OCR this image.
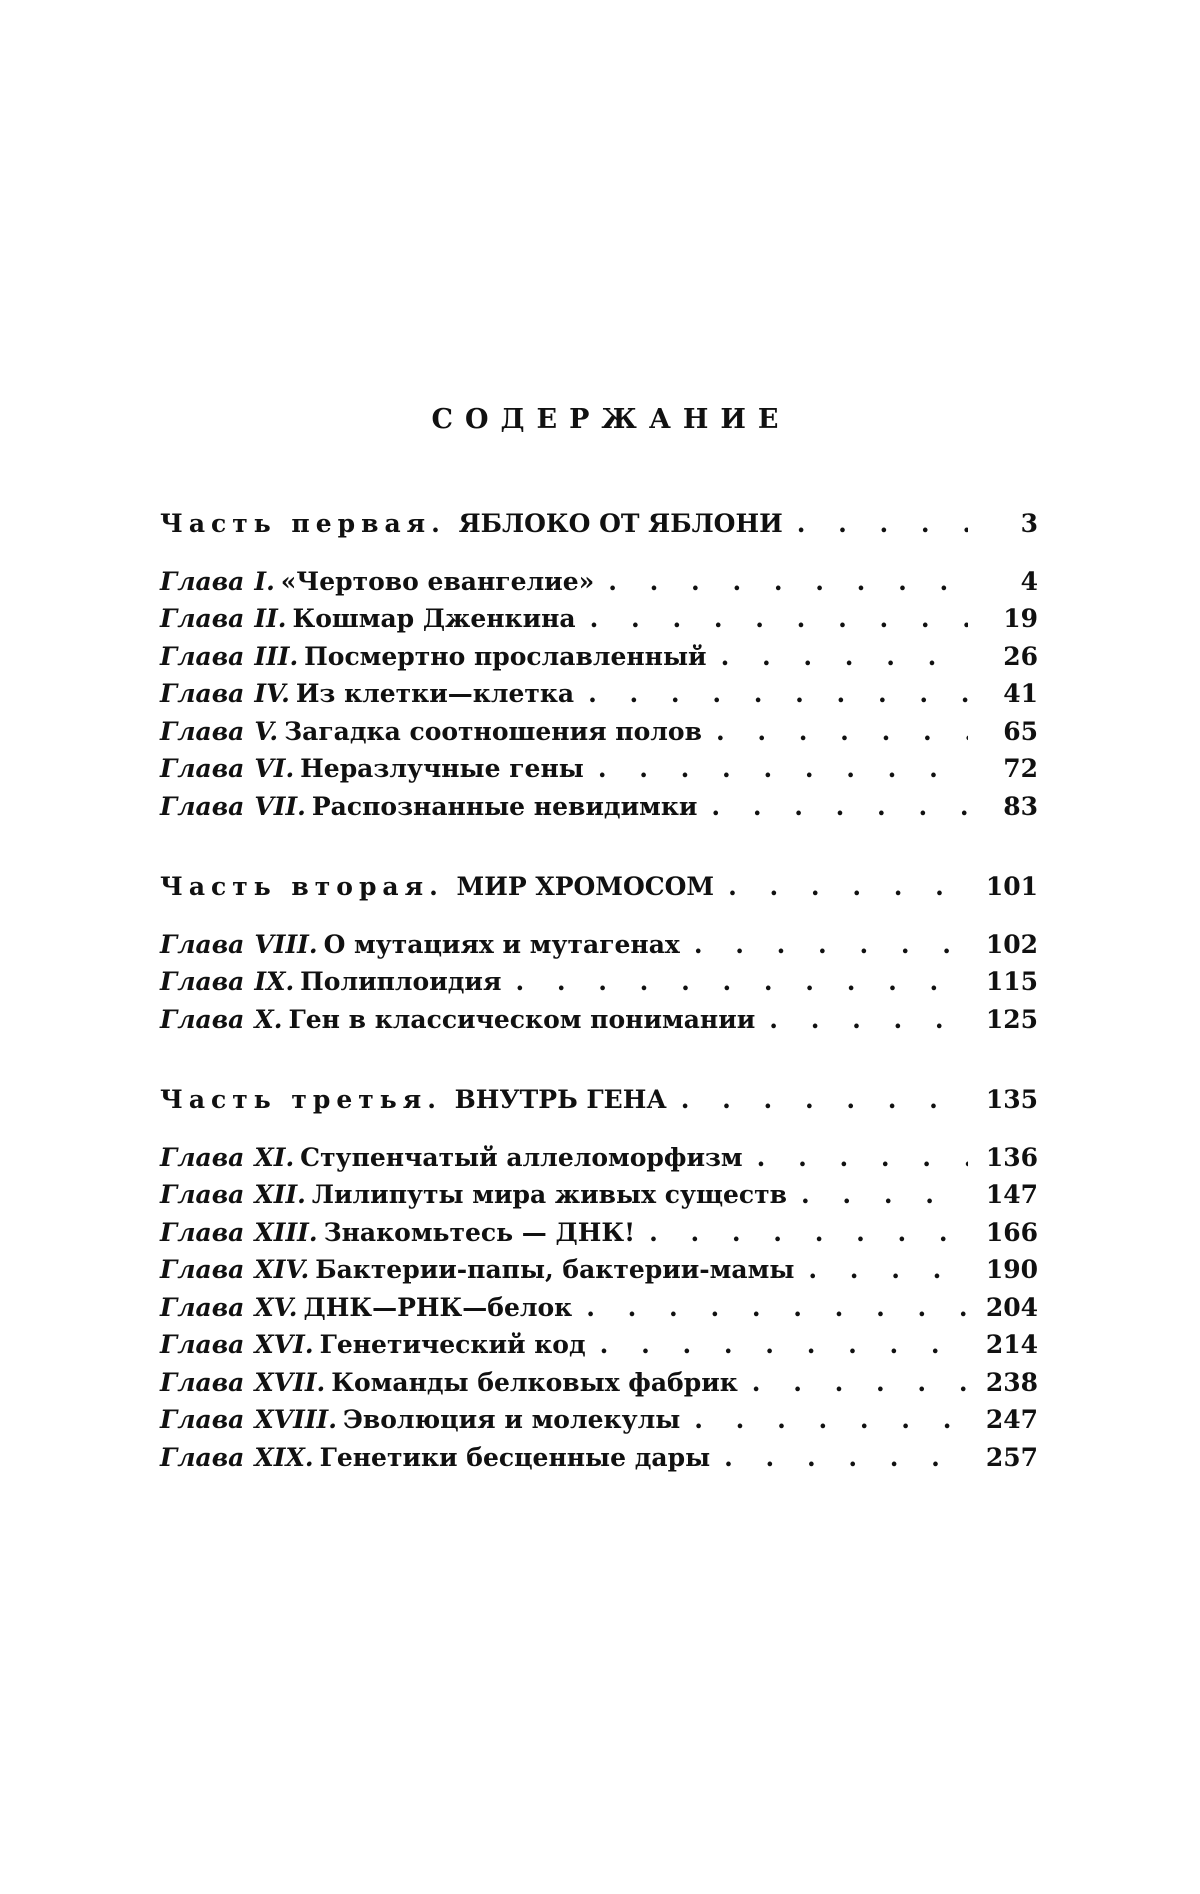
СОДЕРЖАНИЕ
Часть первая. ЯБЛОКО ОТ ЯБЛОНИ . . .	3
Глава I. «Чертово евангелие» . . .	4
Глава II. Кошмар Дженкина . . .	19
Глава III. Посмертно прославленный . . .	26
Глава IV. Из клетки—клетка . . .	41
Глава V. Загадка соотношения полов . . .	65
Глава VI. Неразлучные гены . . .	72
Глава VII. Распознанные невидимки . . .	83
Часть вторая. МИР ХРОМОСОМ . . .	101
Глава VIII. О мутациях и мутагенах . . .	102
Глава IX. Полиплоидия . . .	115
Глава X. Ген в классическом понимании . . .	125
Часть третья. ВНУТРЬ ГЕНА . . .	135
Глава XI. Ступенчатый аллеломорфизм . . .	136
Глава XII. Лилипуты мира живых существ . . .	147
Глава XIII. Знакомьтесь — ДНК! . . .	166
Глава XIV. Бактерии-папы, бактерии-мамы . . .	190
Глава XV. ДНК—РНК—белок . . .	204
Глава XVI. Генетический код . . .	214
Глава XVII. Команды белковых фабрик . . .	238
Глава XVIII. Эволюция и молекулы . . .	247
Глава XIX. Генетики бесценные дары . . .	257
